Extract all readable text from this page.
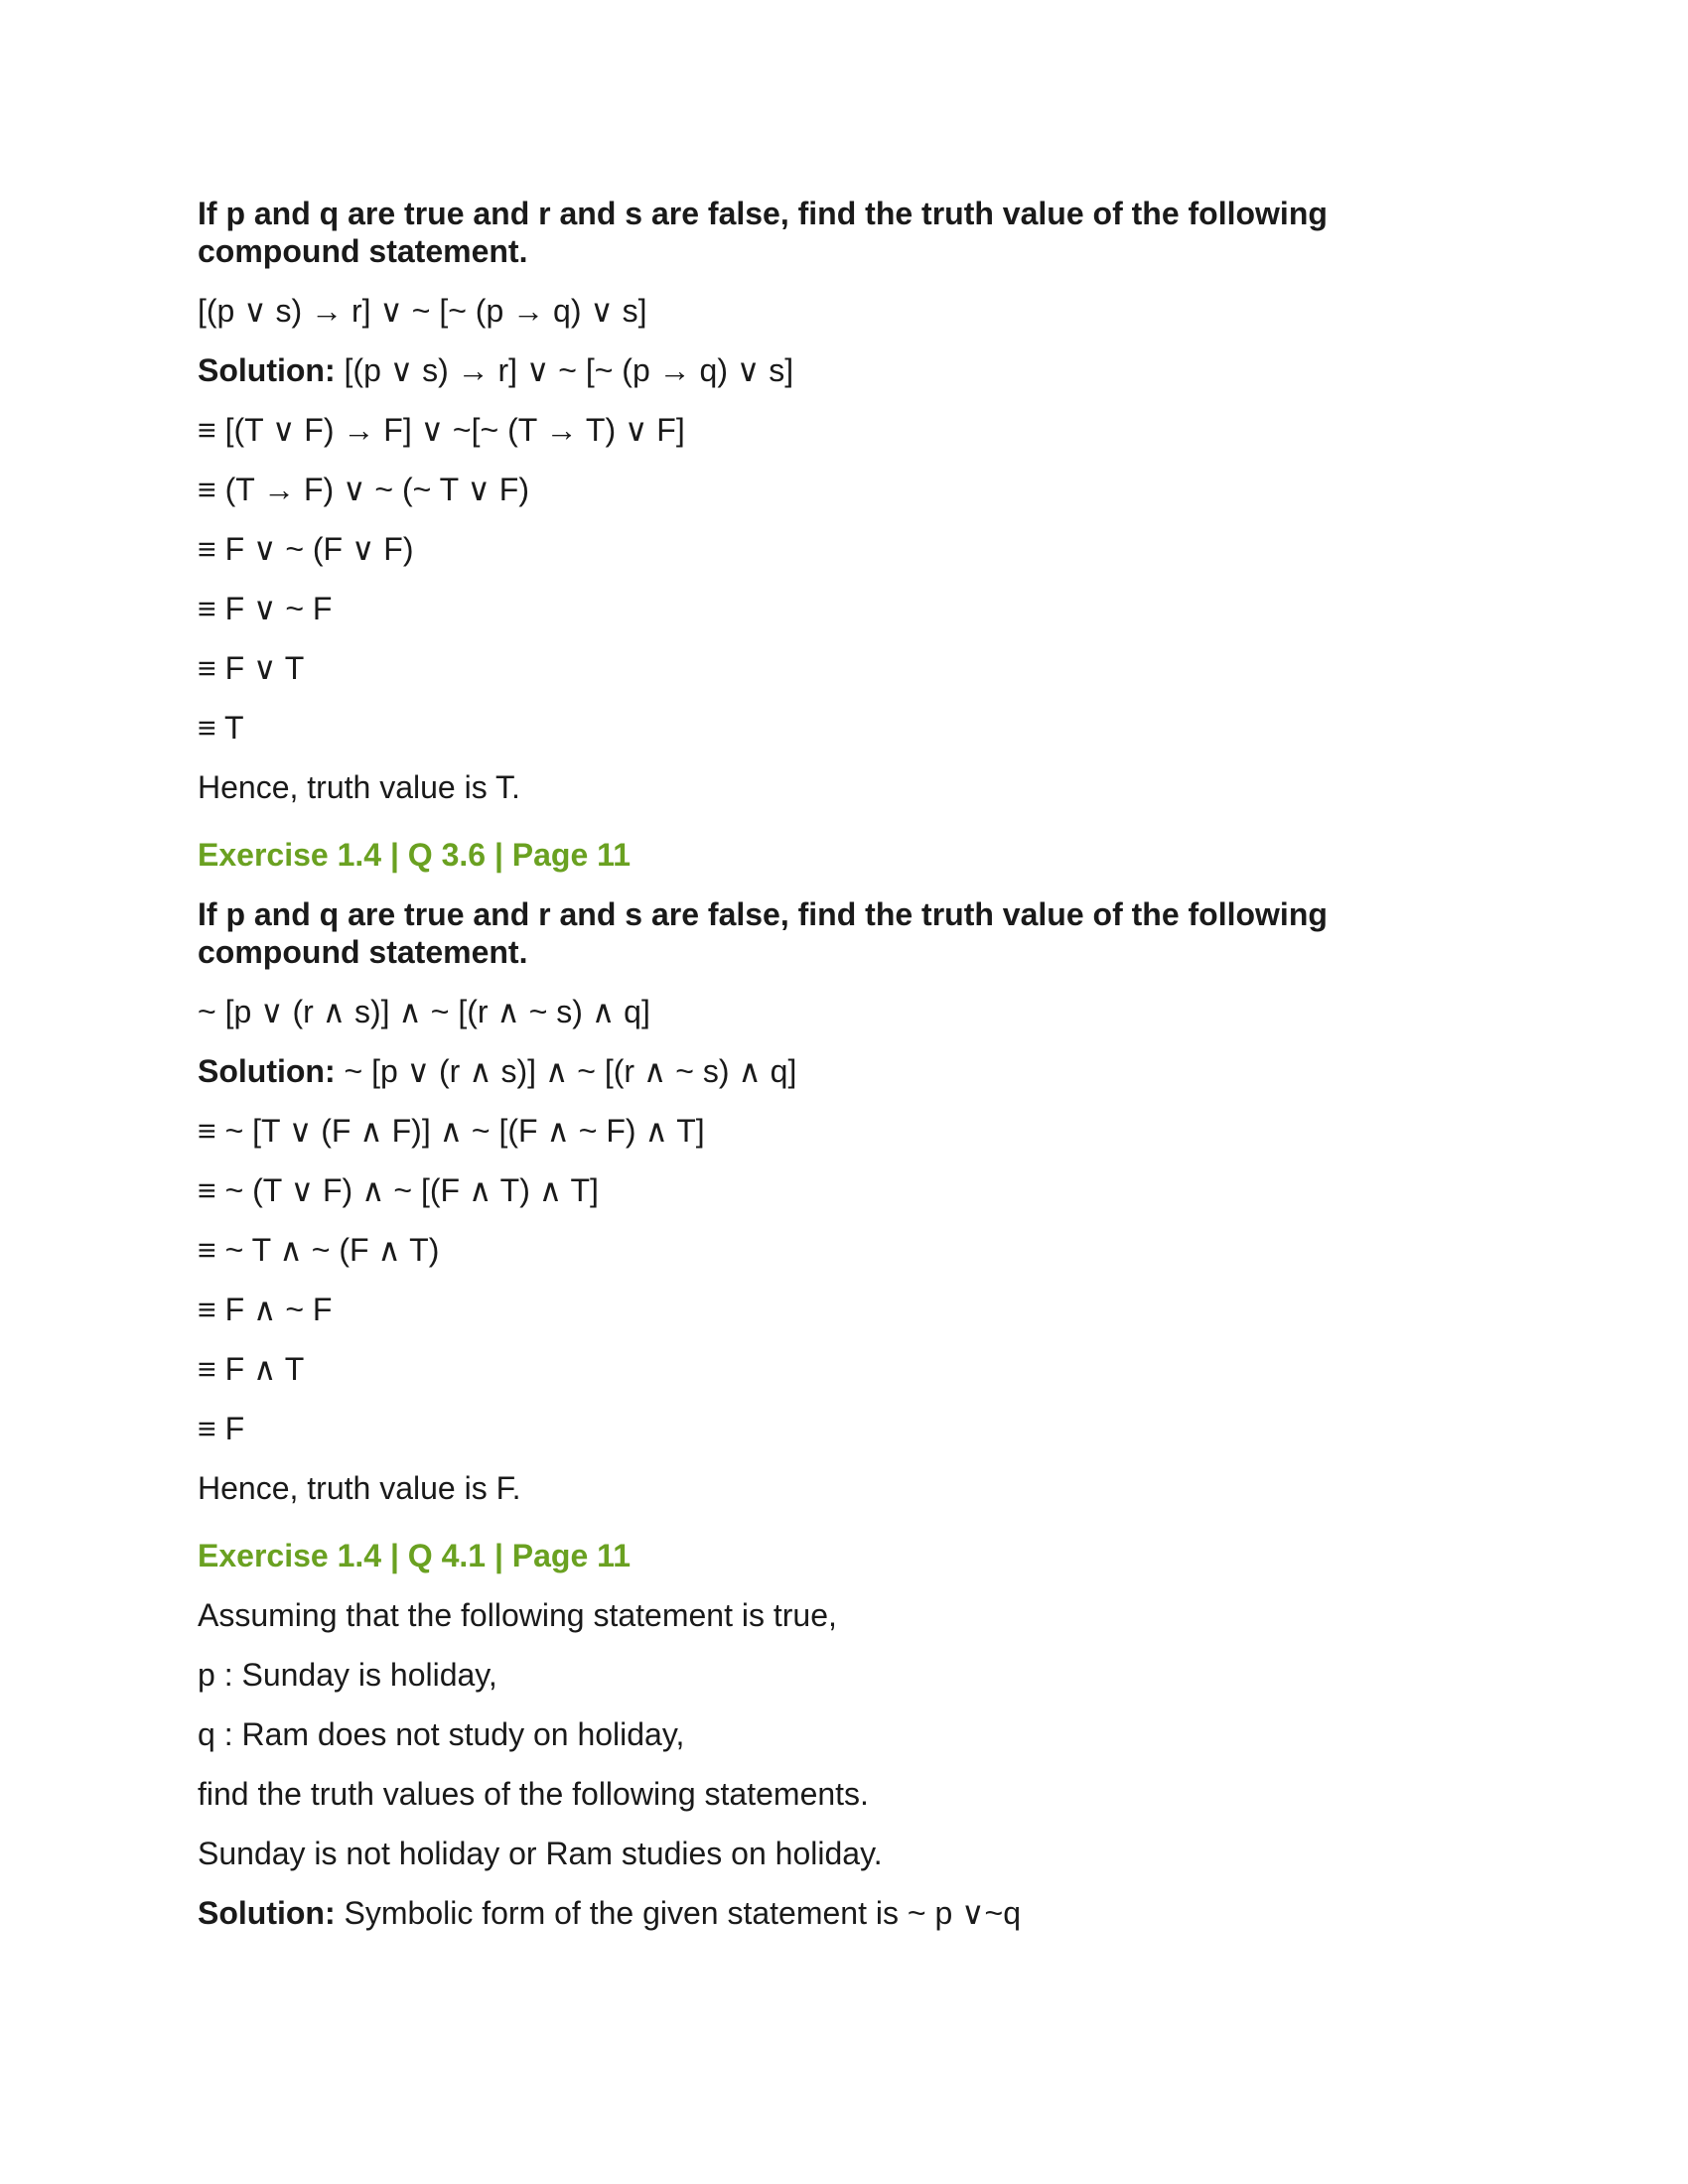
If p and q are true and r and s are false, find the truth value of the following compound statement.
[(p ∨ s) → r] ∨ ~ [~ (p → q) ∨ s]
Solution: [(p ∨ s) → r] ∨ ~ [~ (p → q) ∨ s]
≡ [(T ∨ F) → F] ∨ ~[~ (T → T) ∨ F]
≡ (T → F) ∨ ~ (~ T ∨ F)
≡ F ∨ ~ (F ∨ F)
≡ F ∨ ~ F
≡ F ∨ T
≡ T
Hence, truth value is T.
Exercise 1.4 | Q 3.6 | Page 11
If p and q are true and r and s are false, find the truth value of the following compound statement.
~ [p ∨ (r ∧ s)] ∧ ~ [(r ∧ ~ s) ∧ q]
Solution: ~ [p ∨ (r ∧ s)] ∧ ~ [(r ∧ ~ s) ∧ q]
≡ ~ [T ∨ (F ∧ F)] ∧ ~ [(F ∧ ~ F) ∧ T]
≡ ~ (T ∨ F) ∧ ~ [(F ∧ T) ∧ T]
≡ ~ T ∧ ~ (F ∧ T)
≡ F ∧ ~ F
≡ F ∧ T
≡ F
Hence, truth value is F.
Exercise 1.4 | Q 4.1 | Page 11
Assuming that the following statement is true,
p : Sunday is holiday,
q : Ram does not study on holiday,
find the truth values of the following statements.
Sunday is not holiday or Ram studies on holiday.
Solution: Symbolic form of the given statement is ~ p ∨~q
